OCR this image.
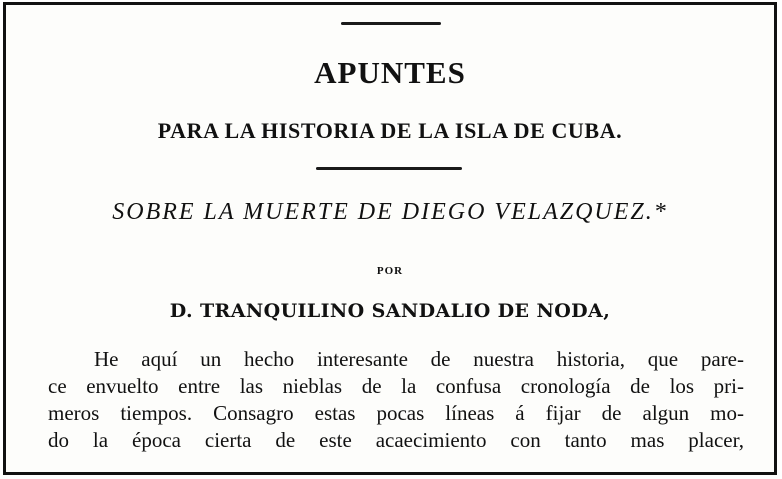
APUNTES
PARA LA HISTORIA DE LA ISLA DE CUBA.
SOBRE LA MUERTE DE DIEGO VELAZQUEZ.*
POR
D. TRANQUILINO SANDALIO DE NODA,
He aquí un hecho interesante de nuestra historia, que pare-
ce envuelto entre las nieblas de la confusa cronología de los pri-
meros tiempos. Consagro estas pocas líneas á fijar de algun mo-
do la época cierta de este acaecimiento con tanto mas placer,
